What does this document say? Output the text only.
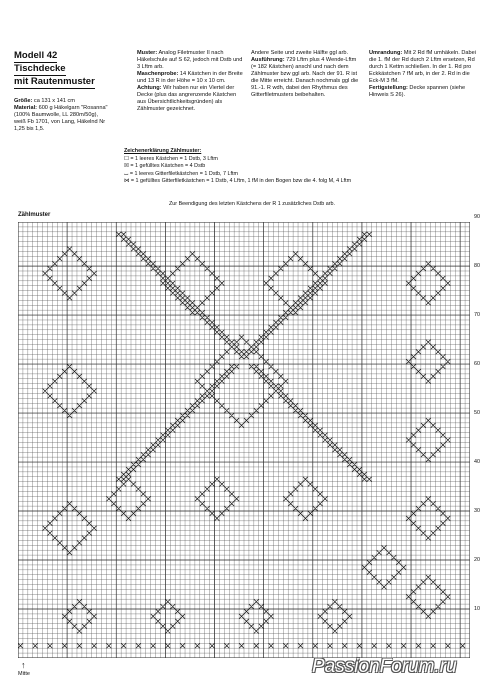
Modell 42
Tischdecke
mit Rautenmuster
Größe: ca 131 x 141 cm
Material: 600 g Häkelgarn "Rosanna" (100% Baumwolle, LL 280m/50g), weiß Fb 1701, von Lang, Häkelnd Nr 1,25 bis 1,5.
Muster: Analog Filetmuster II nach Häkelschule auf S 62, jedoch mit Dstb und 3 Lftm arb.
Maschenprobe: 14 Kästchen in der Breite und 13 R in der Höhe = 10 x 10 cm.
Achtung: Wir haben nur ein Viertel der Decke (plus das angrenzende Kästchen aus Übersichtlichkeitsgründen) als Zählmuster gezeichnet.
Andere Seite und zweite Hälfte ggl arb.
Ausführung: 729 Lftm plus 4 Wende-Lftm (= 182 Kästchen) anschl und nach dem Zählmuster bzw ggl arb. Nach der 91. R ist die Mitte erreicht. Danach nochmals ggl die 91.-1. R wdh, dabei den Rhythmus des Gitterfiletmusters beibehalten.
Umrandung: Mit 2 Rd fM umhäkeln. Dabei die 1. fM der Rd durch 2 Lftm ersetzen, Rd durch 1 Kettm schließen. In der 1. Rd pro Eckkästchen 7 fM arb, in der 2. Rd in die Eck-M 3 fM.
Fertigstellung: Decke spannen (siehe Hinweis S 26).
Zeichenerklärung Zählmuster:
☐ = 1 leeres Kästchen = 1 Dstb, 3 Lftm
☒ = 1 gefülltes Kästchen = 4 Dstb
⌴ = 1 leeres Gitterfiletkästchen = 1 Dstb, 7 Lftm
⋈ = 1 gefülltes Gitterfiletkästchen = 1 Dstb, 4 Lftm, 1 fM in den Bogen bzw die 4. folg M, 4 Lftm
Zur Beendigung des letzten Kästchens der R 1 zusätzliches Dstb arb.
Zählmuster	90
80
70
60
50
40
30
20
10
↑
Mitte	PassionForum.ru
